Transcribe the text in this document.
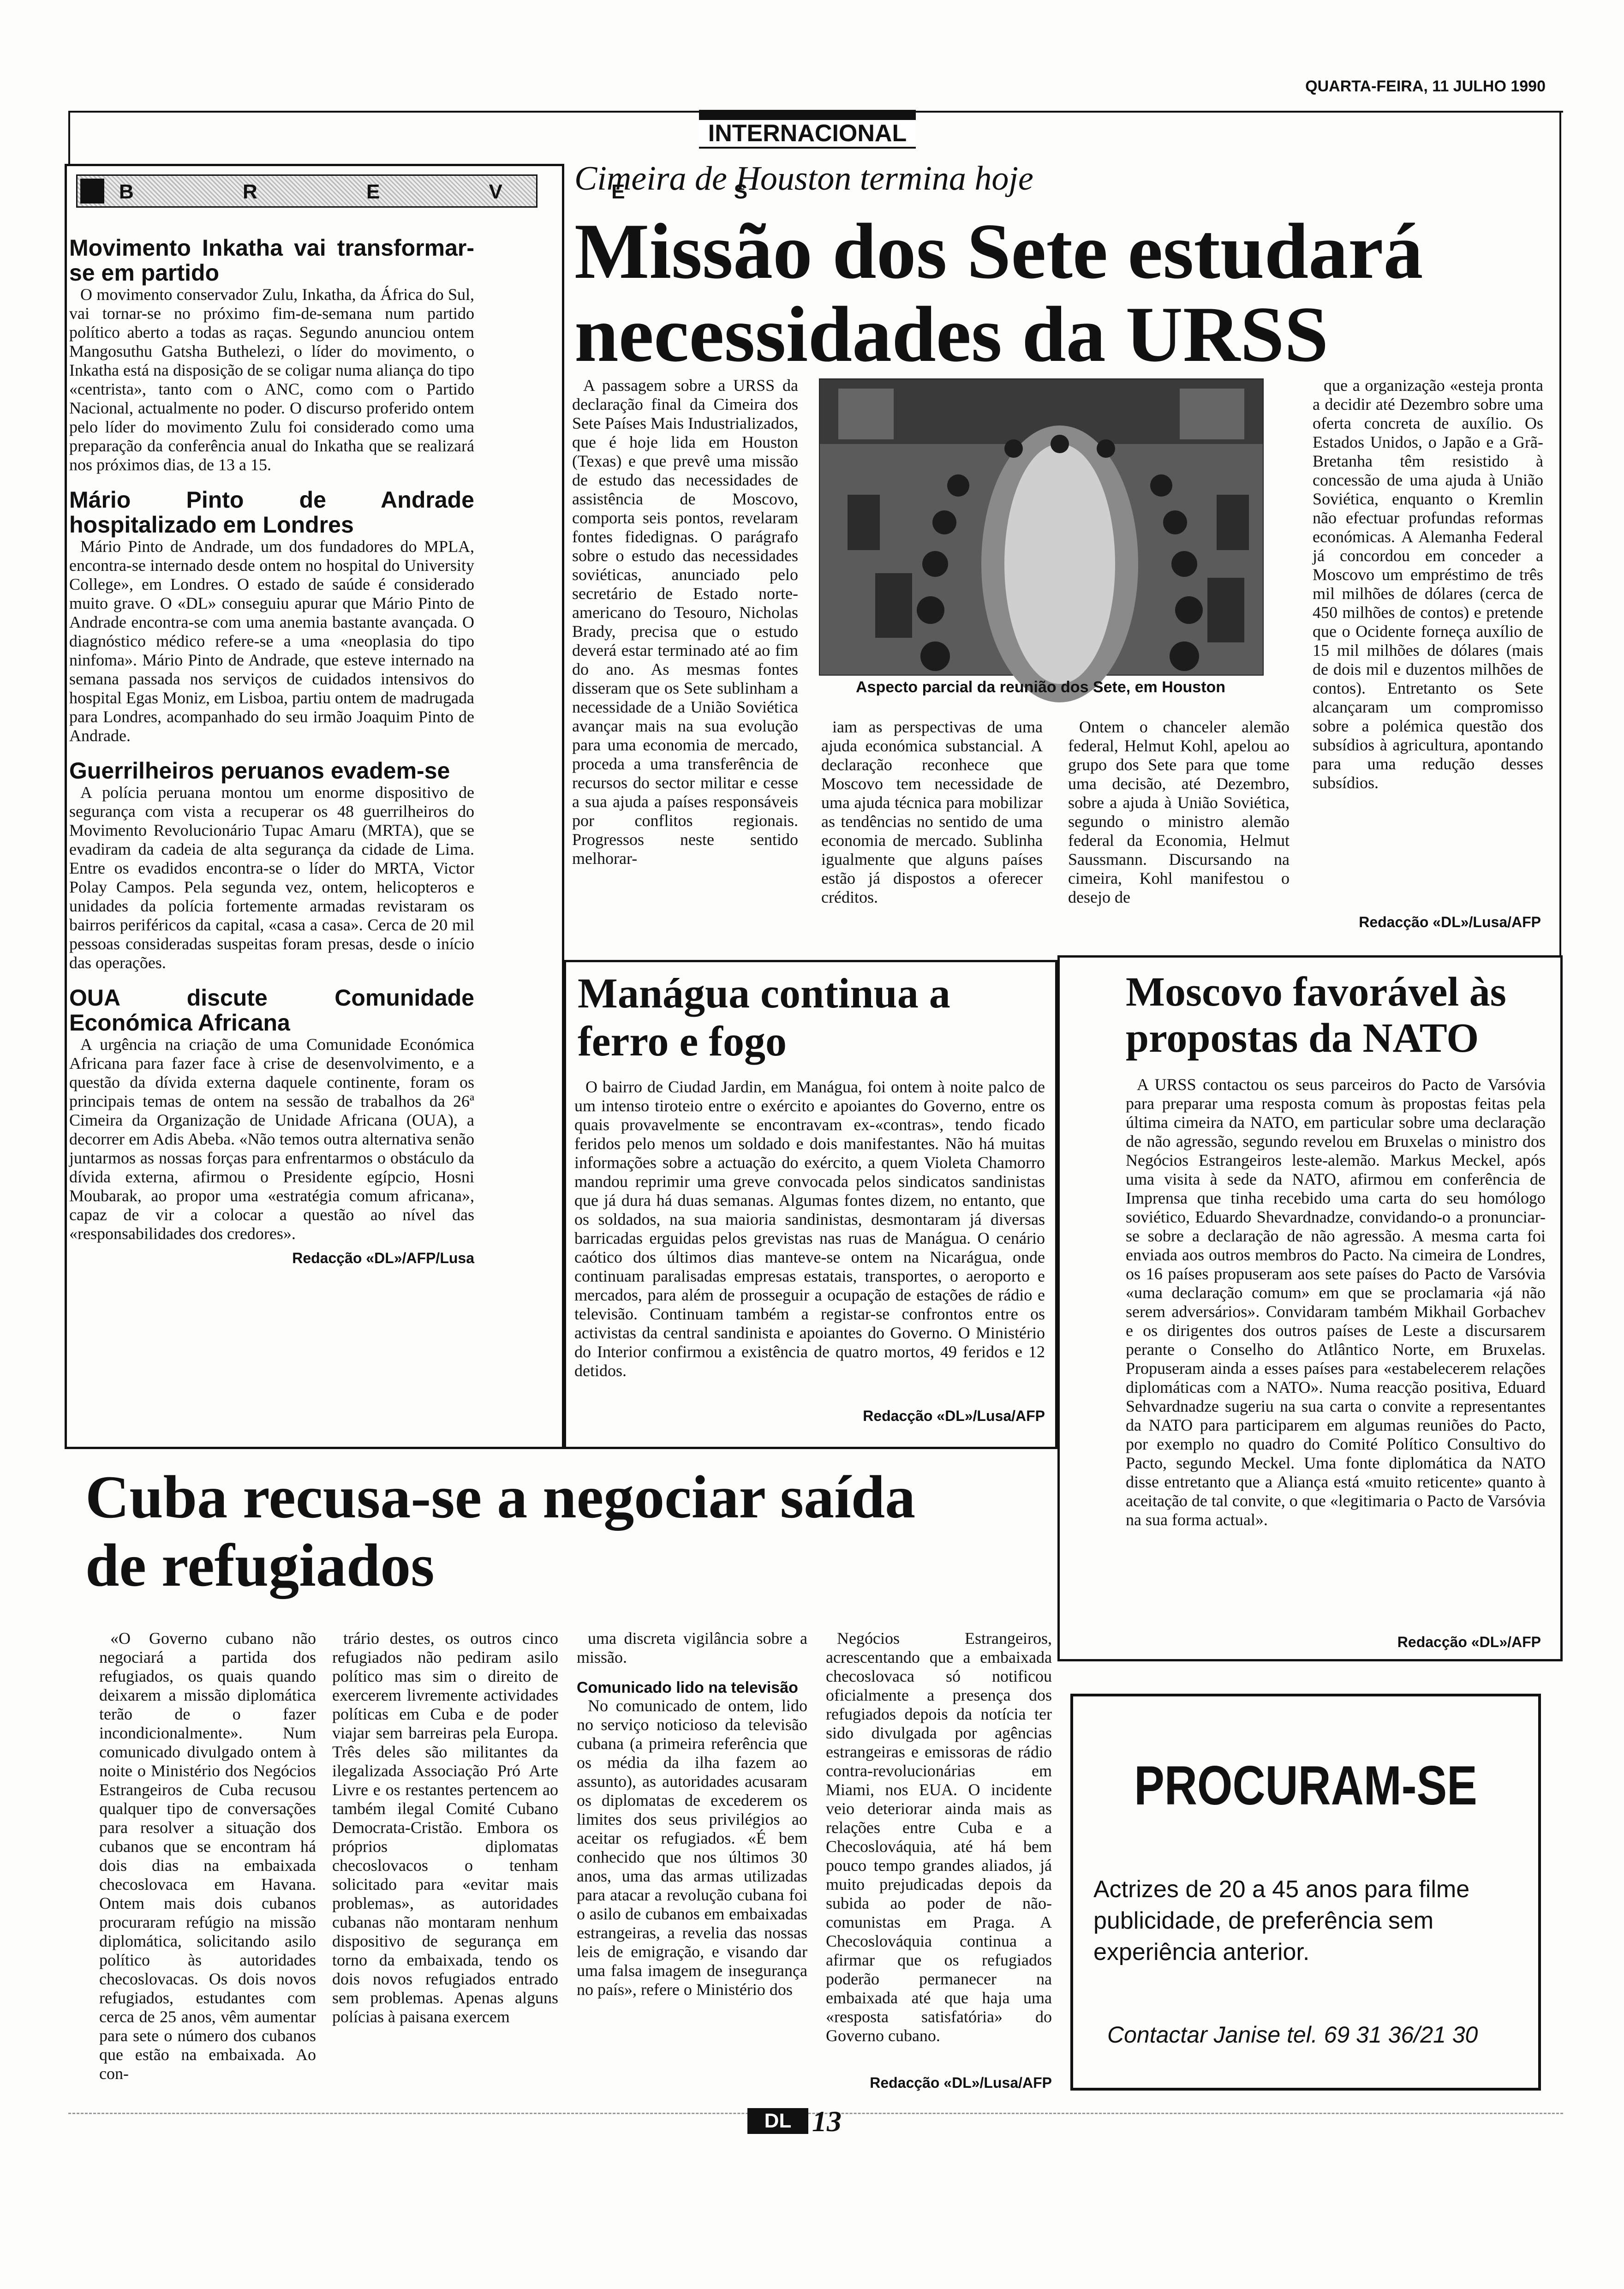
QUARTA-FEIRA, 11 JULHO 1990
INTERNACIONAL
B R E V E S
Movimento Inkatha vai transformar-se em partido

O movimento conservador Zulu, Inkatha, da África do Sul, vai tornar-se no próximo fim-de-semana num partido político aberto a todas as raças. Segundo anunciou ontem Mangosuthu Gatsha Buthelezi, o líder do movimento, o Inkatha está na disposição de se coligar numa aliança do tipo «centrista», tanto com o ANC, como com o Partido Nacional, actualmente no poder. O discurso proferido ontem pelo líder do movimento Zulu foi considerado como uma preparação da conferência anual do Inkatha que se realizará nos próximos dias, de 13 a 15.

Mário Pinto de Andrade hospitalizado em Londres

Mário Pinto de Andrade, um dos fundadores do MPLA, encontra-se internado desde ontem no hospital do University College», em Londres. O estado de saúde é considerado muito grave. O «DL» conseguiu apurar que Mário Pinto de Andrade encontra-se com uma anemia bastante avançada. O diagnóstico médico refere-se a uma «neoplasia do tipo ninfoma». Mário Pinto de Andrade, que esteve internado na semana passada nos serviços de cuidados intensivos do hospital Egas Moniz, em Lisboa, partiu ontem de madrugada para Londres, acompanhado do seu irmão Joaquim Pinto de Andrade.

Guerrilheiros peruanos evadem-se

A polícia peruana montou um enorme dispositivo de segurança com vista a recuperar os 48 guerrilheiros do Movimento Revolucionário Tupac Amaru (MRTA), que se evadiram da cadeia de alta segurança da cidade de Lima. Entre os evadidos encontra-se o líder do MRTA, Victor Polay Campos. Pela segunda vez, ontem, helicopteros e unidades da polícia fortemente armadas revistaram os bairros periféricos da capital, «casa a casa». Cerca de 20 mil pessoas consideradas suspeitas foram presas, desde o início das operações.

OUA discute Comunidade Económica Africana

A urgência na criação de uma Comunidade Económica Africana para fazer face à crise de desenvolvimento, e a questão da dívida externa daquele continente, foram os principais temas de ontem na sessão de trabalhos da 26ª Cimeira da Organização de Unidade Africana (OUA), a decorrer em Adis Abeba. «Não temos outra alternativa senão juntarmos as nossas forças para enfrentarmos o obstáculo da dívida externa, afirmou o Presidente egípcio, Hosni Moubarak, ao propor uma «estratégia comum africana», capaz de vir a colocar a questão ao nível das «responsabilidades dos credores».

Redacção «DL»/AFP/Lusa
Cimeira de Houston termina hoje
Missão dos Sete estudará necessidades da URSS

A passagem sobre a URSS da declaração final da Cimeira dos Sete Países Mais Industrializados, que é hoje lida em Houston (Texas) e que prevê uma missão de estudo das necessidades de assistência de Moscovo, comporta seis pontos, revelaram fontes fidedignas. O parágrafo sobre o estudo das necessidades soviéticas, anunciado pelo secretário de Estado norte-americano do Tesouro, Nicholas Brady, precisa que o estudo deverá estar terminado até ao fim do ano. As mesmas fontes disseram que os Sete sublinham a necessidade de a União Soviética avançar mais na sua evolução para uma economia de mercado, proceda a uma transferência de recursos do sector militar e cesse a sua ajuda a países responsáveis por conflitos regionais. Progressos neste sentido melhorar-

Aspecto parcial da reunião dos Sete, em Houston

iam as perspectivas de uma ajuda económica substancial. A declaração reconhece que Moscovo tem necessidade de uma ajuda técnica para mobilizar as tendências no sentido de uma economia de mercado. Sublinha igualmente que alguns países estão já dispostos a oferecer créditos.

Ontem o chanceler alemão federal, Helmut Kohl, apelou ao grupo dos Sete para que tome uma decisão, até Dezembro, sobre a ajuda à União Soviética, segundo o ministro alemão federal da Economia, Helmut Saussmann. Discursando na cimeira, Kohl manifestou o desejo de

que a organização «esteja pronta a decidir até Dezembro sobre uma oferta concreta de auxílio. Os Estados Unidos, o Japão e a Grã-Bretanha têm resistido à concessão de uma ajuda à União Soviética, enquanto o Kremlin não efectuar profundas reformas económicas. A Alemanha Federal já concordou em conceder a Moscovo um empréstimo de três mil milhões de dólares (cerca de 450 milhões de contos) e pretende que o Ocidente forneça auxílio de 15 mil milhões de dólares (mais de dois mil e duzentos milhões de contos). Entretanto os Sete alcançaram um compromisso sobre a polémica questão dos subsídios à agricultura, apontando para uma redução desses subsídios.

Redacção «DL»/Lusa/AFP
Manágua continua a ferro e fogo

O bairro de Ciudad Jardin, em Manágua, foi ontem à noite palco de um intenso tiroteio entre o exército e apoiantes do Governo, entre os quais provavelmente se encontravam ex-«contras», tendo ficado feridos pelo menos um soldado e dois manifestantes. Não há muitas informações sobre a actuação do exército, a quem Violeta Chamorro mandou reprimir uma greve convocada pelos sindicatos sandinistas que já dura há duas semanas. Algumas fontes dizem, no entanto, que os soldados, na sua maioria sandinistas, desmontaram já diversas barricadas erguidas pelos grevistas nas ruas de Manágua. O cenário caótico dos últimos dias manteve-se ontem na Nicarágua, onde continuam paralisadas empresas estatais, transportes, o aeroporto e mercados, para além de prosseguir a ocupação de estações de rádio e televisão. Continuam também a registar-se confrontos entre os activistas da central sandinista e apoiantes do Governo. O Ministério do Interior confirmou a existência de quatro mortos, 49 feridos e 12 detidos.

Redacção «DL»/Lusa/AFP
Moscovo favorável às propostas da NATO

A URSS contactou os seus parceiros do Pacto de Varsóvia para preparar uma resposta comum às propostas feitas pela última cimeira da NATO, em particular sobre uma declaração de não agressão, segundo revelou em Bruxelas o ministro dos Negócios Estrangeiros leste-alemão. Markus Meckel, após uma visita à sede da NATO, afirmou em conferência de Imprensa que tinha recebido uma carta do seu homólogo soviético, Eduardo Shevardnadze, convidando-o a pronunciar-se sobre a declaração de não agressão. A mesma carta foi enviada aos outros membros do Pacto. Na cimeira de Londres, os 16 países propuseram aos sete países do Pacto de Varsóvia «uma declaração comum» em que se proclamaria «já não serem adversários». Convidaram também Mikhail Gorbachev e os dirigentes dos outros países de Leste a discursarem perante o Conselho do Atlântico Norte, em Bruxelas. Propuseram ainda a esses países para «estabelecerem relações diplomáticas com a NATO». Numa reacção positiva, Eduard Sehvardnadze sugeriu na sua carta o convite a representantes da NATO para participarem em algumas reuniões do Pacto, por exemplo no quadro do Comité Político Consultivo do Pacto, segundo Meckel. Uma fonte diplomática da NATO disse entretanto que a Aliança está «muito reticente» quanto à aceitação de tal convite, o que «legitimaria o Pacto de Varsóvia na sua forma actual».

Redacção «DL»/AFP
Cuba recusa-se a negociar saída de refugiados

«O Governo cubano não negociará a partida dos refugiados, os quais quando deixarem a missão diplomática terão de o fazer incondicionalmente». Num comunicado divulgado ontem à noite o Ministério dos Negócios Estrangeiros de Cuba recusou qualquer tipo de conversações para resolver a situação dos cubanos que se encontram há dois dias na embaixada checoslovaca em Havana. Ontem mais dois cubanos procuraram refúgio na missão diplomática, solicitando asilo político às autoridades checoslovacas. Os dois novos refugiados, estudantes com cerca de 25 anos, vêm aumentar para sete o número dos cubanos que estão na embaixada. Ao con-

trário destes, os outros cinco refugiados não pediram asilo político mas sim o direito de exercerem livremente actividades políticas em Cuba e de poder viajar sem barreiras pela Europa. Três deles são militantes da ilegalizada Associação Pró Arte Livre e os restantes pertencem ao também ilegal Comité Cubano Democrata-Cristão. Embora os próprios diplomatas checoslovacos o tenham solicitado para «evitar mais problemas», as autoridades cubanas não montaram nenhum dispositivo de segurança em torno da embaixada, tendo os dois novos refugiados entrado sem problemas. Apenas alguns polícias à paisana exercem

uma discreta vigilância sobre a missão.

Comunicado lido na televisão

No comunicado de ontem, lido no serviço noticioso da televisão cubana (a primeira referência que os média da ilha fazem ao assunto), as autoridades acusaram os diplomatas de excederem os limites dos seus privilégios ao aceitar os refugiados. «É bem conhecido que nos últimos 30 anos, uma das armas utilizadas para atacar a revolução cubana foi o asilo de cubanos em embaixadas estrangeiras, a revelia das nossas leis de emigração, e visando dar uma falsa imagem de insegurança no país», refere o Ministério dos

Negócios Estrangeiros, acrescentando que a embaixada checoslovaca só notificou oficialmente a presença dos refugiados depois da notícia ter sido divulgada por agências estrangeiras e emissoras de rádio contra-revolucionárias em Miami, nos EUA. O incidente veio deteriorar ainda mais as relações entre Cuba e a Checoslováquia, até há bem pouco tempo grandes aliados, já muito prejudicadas depois da subida ao poder de não-comunistas em Praga. A Checoslováquia continua a afirmar que os refugiados poderão permanecer na embaixada até que haja uma «resposta satisfatória» do Governo cubano.

Redacção «DL»/Lusa/AFP
PROCURAM-SE
Actrizes de 20 a 45 anos para filme publicidade, de preferência sem experiência anterior.
Contactar Janise tel. 69 31 36/21 30
DL 13
